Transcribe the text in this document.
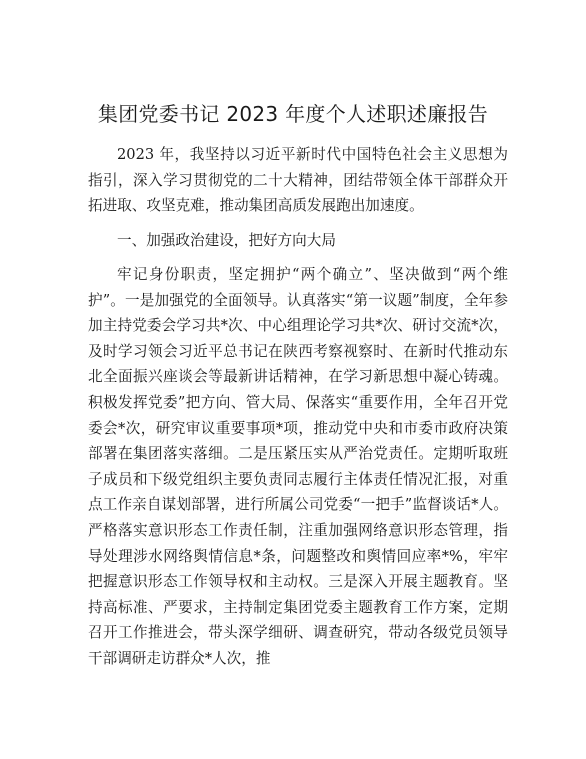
集团党委书记 2023 年度个人述职述廉报告

2023 年，我坚持以习近平新时代中国特色社会主义思想为指引，深入学习贯彻党的二十大精神，团结带领全体干部群众开拓进取、攻坚克难，推动集团高质发展跑出加速度。

一、加强政治建设，把好方向大局

牢记身份职责，坚定拥护“两个确立”、坚决做到“两个维护”。一是加强党的全面领导。认真落实“第一议题”制度，全年参加主持党委会学习共*次、中心组理论学习共*次、研讨交流*次，及时学习领会习近平总书记在陕西考察视察时、在新时代推动东北全面振兴座谈会等最新讲话精神，在学习新思想中凝心铸魂。积极发挥党委”把方向、管大局、保落实“重要作用，全年召开党委会*次，研究审议重要事项*项，推动党中央和市委市政府决策部署在集团落实落细。二是压紧压实从严治党责任。定期听取班子成员和下级党组织主要负责同志履行主体责任情况汇报，对重点工作亲自谋划部署，进行所属公司党委“一把手”监督谈话*人。严格落实意识形态工作责任制，注重加强网络意识形态管理，指导处理涉水网络舆情信息*条，问题整改和舆情回应率*%，牢牢把握意识形态工作领导权和主动权。三是深入开展主题教育。坚持高标准、严要求，主持制定集团党委主题教育工作方案，定期召开工作推进会，带头深学细研、调查研究，带动各级党员领导干部调研走访群众*人次，推
